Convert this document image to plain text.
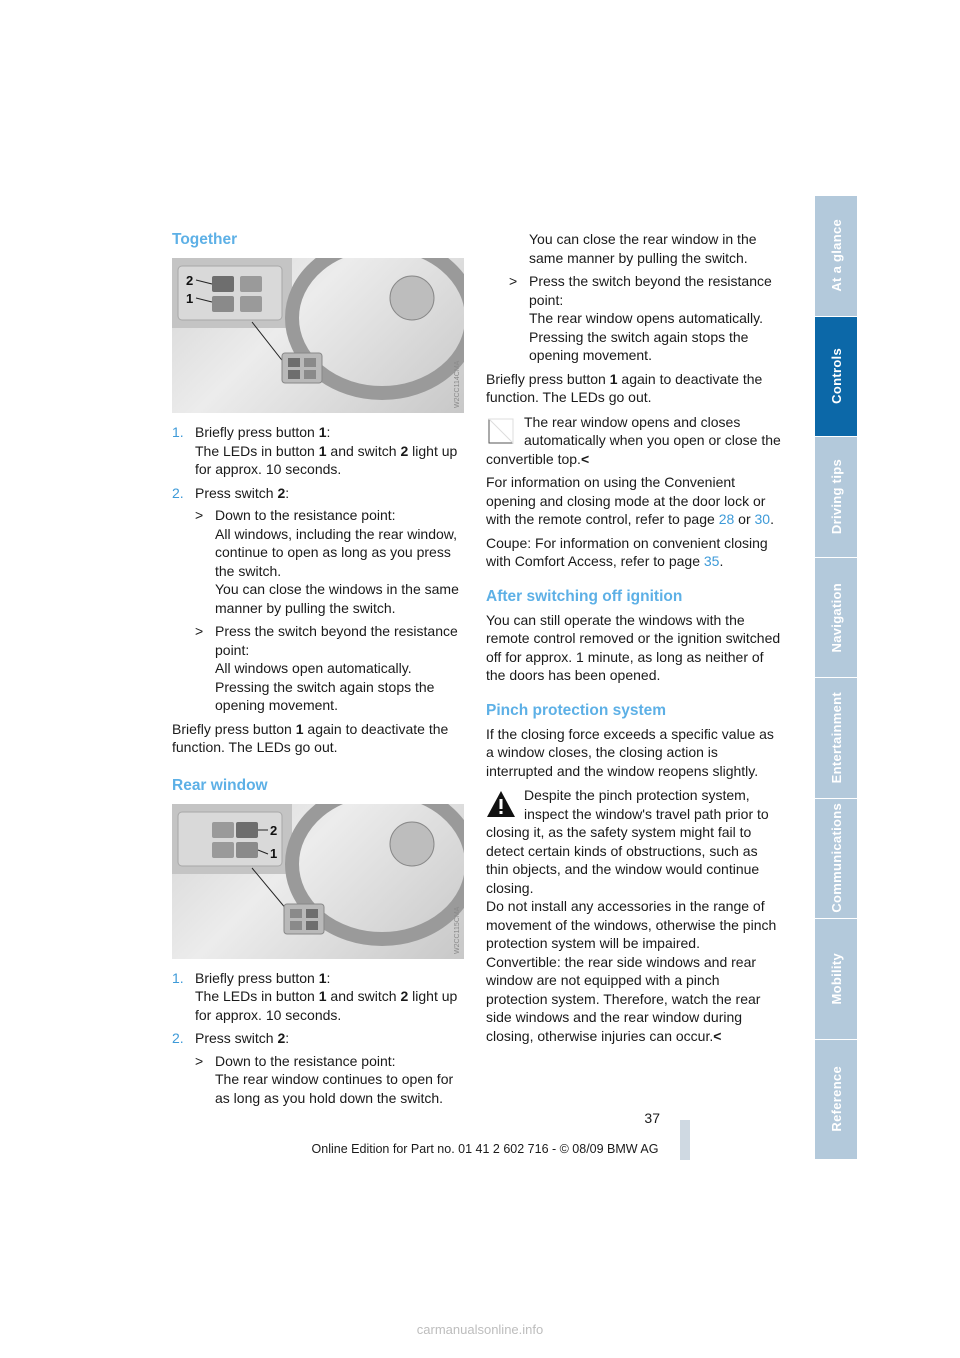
At a glance
Controls
Driving tips
Navigation
Entertainment
Communications
Mobility
Reference
Together
2
1
W2CC114CMA
1. Briefly press button 1:
The LEDs in button 1 and switch 2 light up for approx. 10 seconds.
2. Press switch 2:
> Down to the resistance point:
All windows, including the rear window, continue to open as long as you press the switch.
You can close the windows in the same manner by pulling the switch.
> Press the switch beyond the resistance point:
All windows open automatically. Pressing the switch again stops the opening movement.

Briefly press button 1 again to deactivate the function. The LEDs go out.

Rear window
2
1
W2CC115CMA
1. Briefly press button 1:
The LEDs in button 1 and switch 2 light up for approx. 10 seconds.
2. Press switch 2:
> Down to the resistance point:
The rear window continues to open for as long as you hold down the switch.

You can close the rear window in the same manner by pulling the switch.

> Press the switch beyond the resistance point:
The rear window opens automatically. Pressing the switch again stops the opening movement.

Briefly press button 1 again to deactivate the function. The LEDs go out.

The rear window opens and closes automatically when you open or close the convertible top.<

For information on using the Convenient opening and closing mode at the door lock or with the remote control, refer to page 28 or 30.

Coupe: For information on convenient closing with Comfort Access, refer to page 35.

After switching off ignition

You can still operate the windows with the remote control removed or the ignition switched off for approx. 1 minute, as long as neither of the doors has been opened.

Pinch protection system

If the closing force exceeds a specific value as a window closes, the closing action is interrupted and the window reopens slightly.

Despite the pinch protection system, inspect the window's travel path prior to closing it, as the safety system might fail to detect certain kinds of obstructions, such as thin objects, and the window would continue closing.
Do not install any accessories in the range of movement of the windows, otherwise the pinch protection system will be impaired.
Convertible: the rear side windows and rear window are not equipped with a pinch protection system. Therefore, watch the rear side windows and the rear window during closing, otherwise injuries can occur.<

37
Online Edition for Part no. 01 41 2 602 716 - © 08/09 BMW AG
carmanualsonline.info
